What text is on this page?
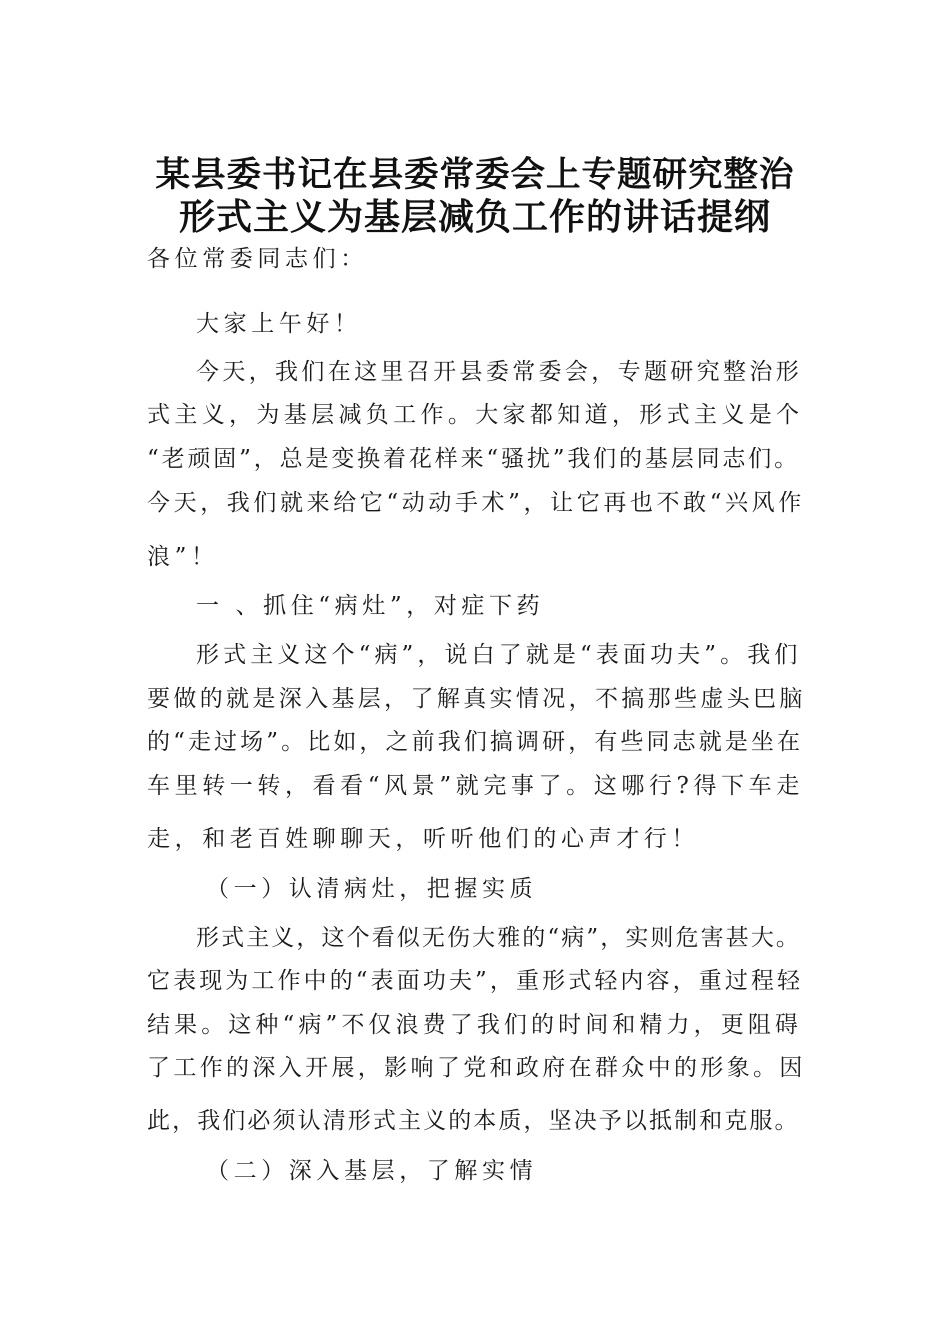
某县委书记在县委常委会上专题研究整治
形式主义为基层减负工作的讲话提纲
各位常委同志们：
大家上午好！
今天，我们在这里召开县委常委会，专题研究整治形
式主义，为基层减负工作。大家都知道，形式主义是个
“老顽固”，总是变换着花样来“骚扰”我们的基层同志们。
今天，我们就来给它“动动手术”，让它再也不敢“兴风作
浪”！
一 、抓住“病灶”，对症下药
形式主义这个“病”，说白了就是“表面功夫”。我们
要做的就是深入基层，了解真实情况，不搞那些虚头巴脑
的“走过场”。比如，之前我们搞调研，有些同志就是坐在
车里转一转，看看“风景”就完事了。这哪行?得下车走
走，和老百姓聊聊天，听听他们的心声才行！
（一）认清病灶，把握实质
形式主义，这个看似无伤大雅的“病”，实则危害甚大。
它表现为工作中的“表面功夫”，重形式轻内容，重过程轻
结果。这种“病”不仅浪费了我们的时间和精力，更阻碍
了工作的深入开展，影响了党和政府在群众中的形象。因
此，我们必须认清形式主义的本质，坚决予以抵制和克服。
（二）深入基层，了解实情
